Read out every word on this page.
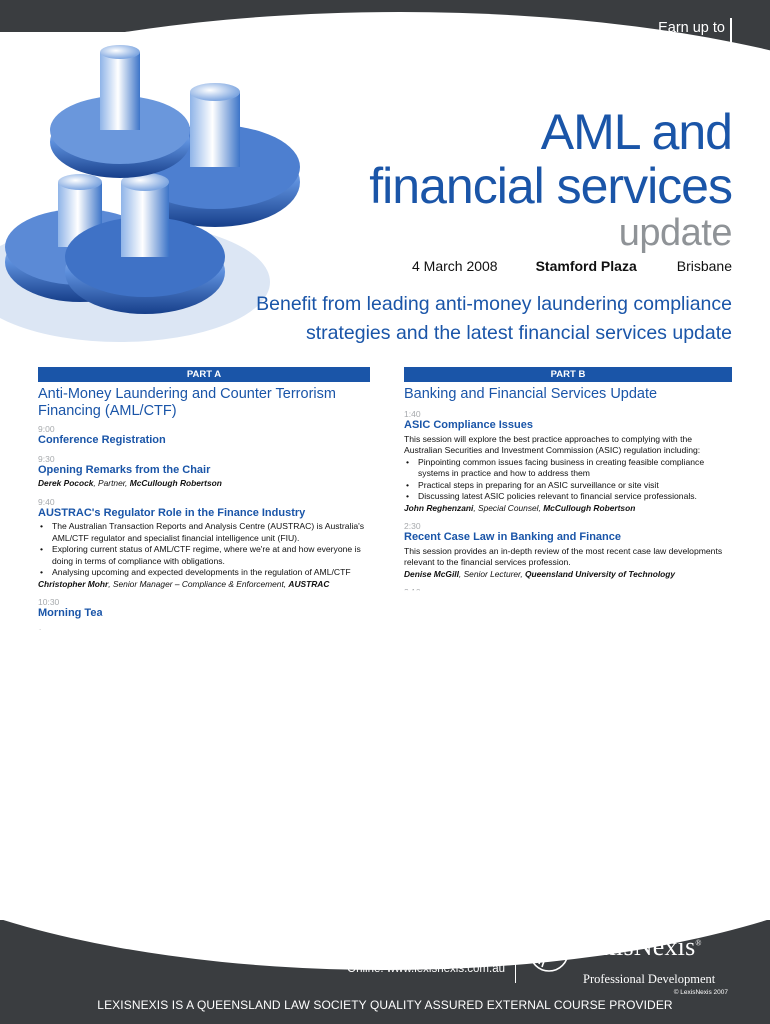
Earn up to
6 CPD points!
AML and
financial services
update
4 March 2008	Stamford Plaza	Brisbane
Benefit from leading anti-money laundering compliance
strategies and the latest financial services update
PART A	PART B
Anti-Money Laundering and Counter Terrorism Financing (AML/CTF)
9:00
Conference Registration
9:30
Opening Remarks from the Chair
Derek Pocock, Partner, McCullough Robertson
9:40
AUSTRAC's Regulator Role in the Finance Industry
• The Australian Transaction Reports and Analysis Centre (AUSTRAC) is Australia's AML/CTF regulator and specialist financial intelligence unit (FIU).
• Exploring current status of AML/CTF regime, where we're at and how everyone is doing in terms of compliance with obligations.
• Analysing upcoming and expected developments in the regulation of AML/CTF
Christopher Mohr, Senior Manager – Compliance & Enforcement, AUSTRAC
10:30
Morning Tea
•
•
•
•
•
•

Banking and Financial Services Update
1:40
ASIC Compliance Issues
This session will explore the best practice approaches to complying with the Australian Securities and Investment Commission (ASIC) regulation including:
• Pinpointing common issues facing business in creating feasible compliance systems in practice and how to address them
• Practical steps in preparing for an ASIC surveillance or site visit
• Discussing latest ASIC policies relevant to financial service professionals.
John Reghenzani, Special Counsel, McCullough Robertson
2:30
Recent Case Law in Banking and Finance
This session provides an in-depth review of the most recent case law developments relevant to the financial services profession.
Denise McGill, Senior Lecturer, Queensland University of Technology
•
•
•
•
Phone: 1800 772 772
Fax: (02) 9422 2338
Online: www.lexisnexis.com.au
LexisNexis®
Professional Development
© LexisNexis 2007
LEXISNEXIS IS A QUEENSLAND LAW SOCIETY QUALITY ASSURED EXTERNAL COURSE PROVIDER
